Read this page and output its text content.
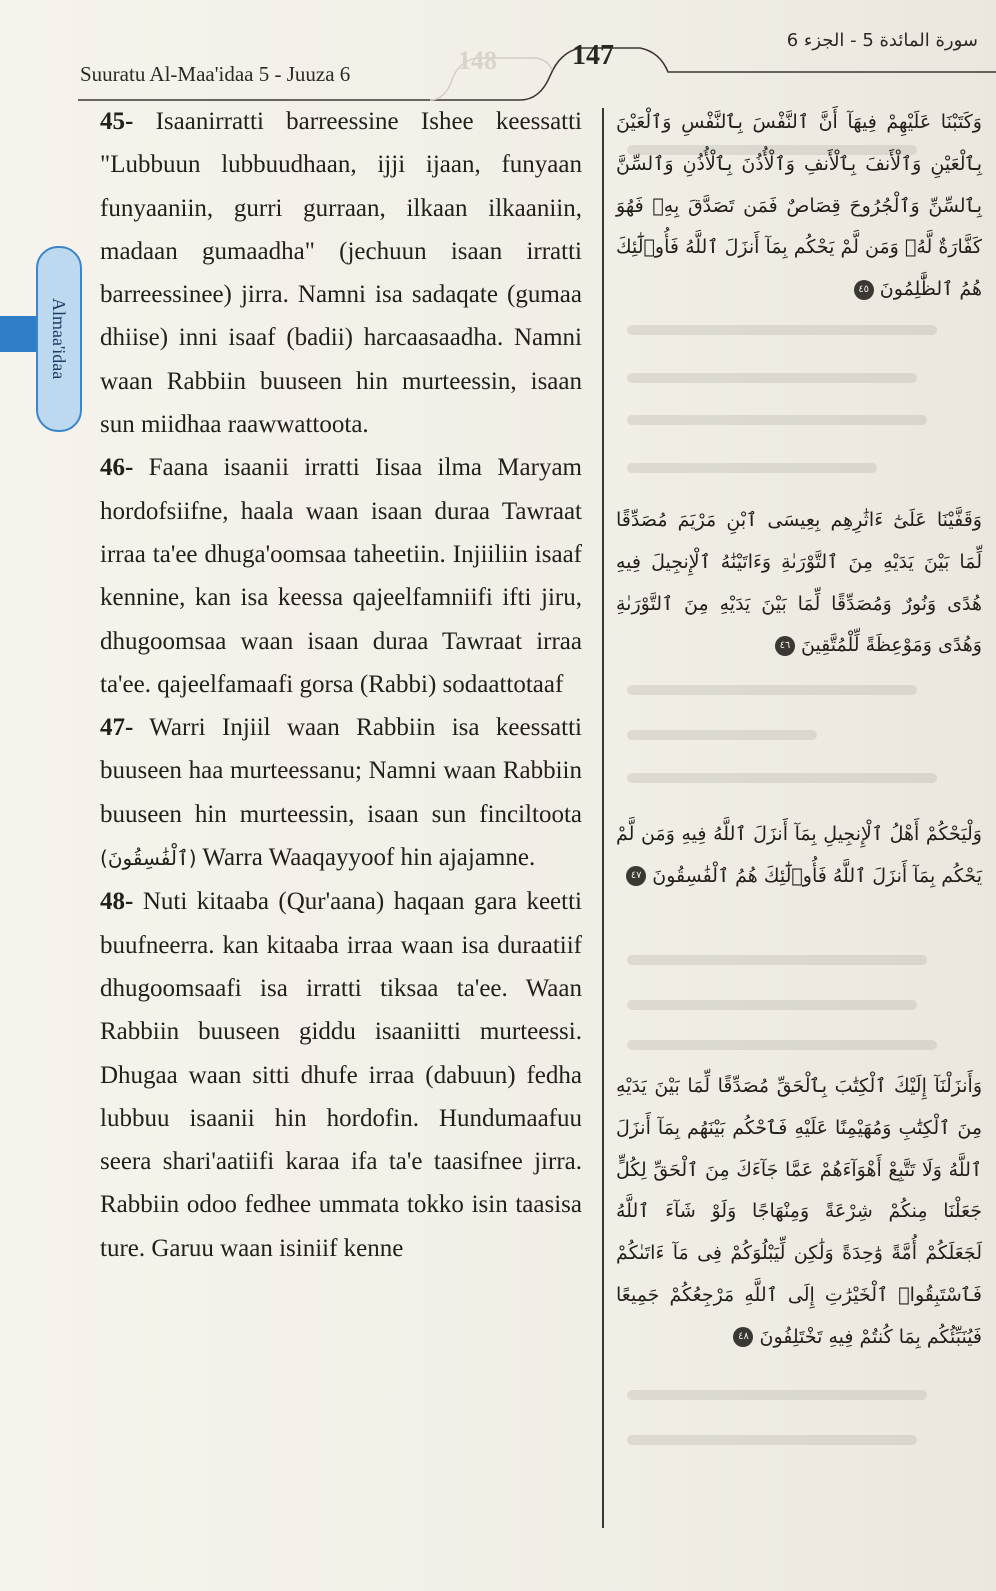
148
Suuratu Al-Maa'idaa 5 - Juuza 6
147	سورة المائدة 5 - الجزء 6
Almaa'idaa

45- Isaanirratti barreessine Ishee keessatti "Lubbuun lubbuudhaan, ijji ijaan, funyaan funyaaniin, gurri gurraan, ilkaan ilkaaniin, madaan gumaadha" (jechuun isaan irratti barreessinee) jirra. Namni isa sadaqate (gumaa dhiise) inni isaaf (badii) harcaasaadha. Namni waan Rabbiin buuseen hin murteessin, isaan sun miidhaa raawwattoota.

46- Faana isaanii irratti Iisaa ilma Maryam hordofsiifne, haala waan isaan duraa Tawraat irraa ta'ee dhuga'oomsaa taheetiin. Injiiliin isaaf kennine, kan isa keessa qajeelfamniifi ifti jiru, dhugoomsaa waan isaan duraa Tawraat irraa ta'ee. qajeelfamaafi gorsa (Rabbi) sodaattotaaf

47- Warri Injiil waan Rabbiin isa keessatti buuseen haa murteessanu; Namni waan Rabbiin buuseen hin murteessin, isaan sun finciltoota (ٱلْفَٰسِقُونَ) Warra Waaqayyoof hin ajajamne.

48- Nuti kitaaba (Qur'aana) haqaan gara keetti buufneerra. kan kitaaba irraa waan isa duraatiif dhugoomsaafi isa irratti tiksaa ta'ee. Waan Rabbiin buuseen giddu isaaniitti murteessi. Dhugaa waan sitti dhufe irraa (dabuun) fedha lubbuu isaanii hin hordofin. Hundumaafuu seera shari'aatiifi karaa ifa ta'e taasifnee jirra. Rabbiin odoo fedhee ummata tokko isin taasisa ture. Garuu waan isiniif kenne

وَكَتَبْنَا عَلَيْهِمْ فِيهَآ أَنَّ ٱلنَّفْسَ بِٱلنَّفْسِ وَٱلْعَيْنَ بِٱلْعَيْنِ وَٱلْأَنفَ بِٱلْأَنفِ وَٱلْأُذُنَ بِٱلْأُذُنِ وَٱلسِّنَّ بِٱلسِّنِّ وَٱلْجُرُوحَ قِصَاصٌ فَمَن تَصَدَّقَ بِهِۦ فَهُوَ كَفَّارَةٌ لَّهُۥ وَمَن لَّمْ يَحْكُم بِمَآ أَنزَلَ ٱللَّهُ فَأُو۟لَٰٓئِكَ هُمُ ٱلظَّٰلِمُونَ ٤٥
وَقَفَّيْنَا عَلَىٰٓ ءَاثَٰرِهِم بِعِيسَى ٱبْنِ مَرْيَمَ مُصَدِّقًا لِّمَا بَيْنَ يَدَيْهِ مِنَ ٱلتَّوْرَىٰةِ وَءَاتَيْنَٰهُ ٱلْإِنجِيلَ فِيهِ هُدًى وَنُورٌ وَمُصَدِّقًا لِّمَا بَيْنَ يَدَيْهِ مِنَ ٱلتَّوْرَىٰةِ وَهُدًى وَمَوْعِظَةً لِّلْمُتَّقِينَ ٤٦
وَلْيَحْكُمْ أَهْلُ ٱلْإِنجِيلِ بِمَآ أَنزَلَ ٱللَّهُ فِيهِ وَمَن لَّمْ يَحْكُم بِمَآ أَنزَلَ ٱللَّهُ فَأُو۟لَٰٓئِكَ هُمُ ٱلْفَٰسِقُونَ ٤٧
وَأَنزَلْنَآ إِلَيْكَ ٱلْكِتَٰبَ بِٱلْحَقِّ مُصَدِّقًا لِّمَا بَيْنَ يَدَيْهِ مِنَ ٱلْكِتَٰبِ وَمُهَيْمِنًا عَلَيْهِ فَٱحْكُم بَيْنَهُم بِمَآ أَنزَلَ ٱللَّهُ وَلَا تَتَّبِعْ أَهْوَآءَهُمْ عَمَّا جَآءَكَ مِنَ ٱلْحَقِّ لِكُلٍّ جَعَلْنَا مِنكُمْ شِرْعَةً وَمِنْهَاجًا وَلَوْ شَآءَ ٱللَّهُ لَجَعَلَكُمْ أُمَّةً وَٰحِدَةً وَلَٰكِن لِّيَبْلُوَكُمْ فِى مَآ ءَاتَىٰكُمْ فَٱسْتَبِقُوا۟ ٱلْخَيْرَٰتِ إِلَى ٱللَّهِ مَرْجِعُكُمْ جَمِيعًا فَيُنَبِّئُكُم بِمَا كُنتُمْ فِيهِ تَخْتَلِفُونَ ٤٨
